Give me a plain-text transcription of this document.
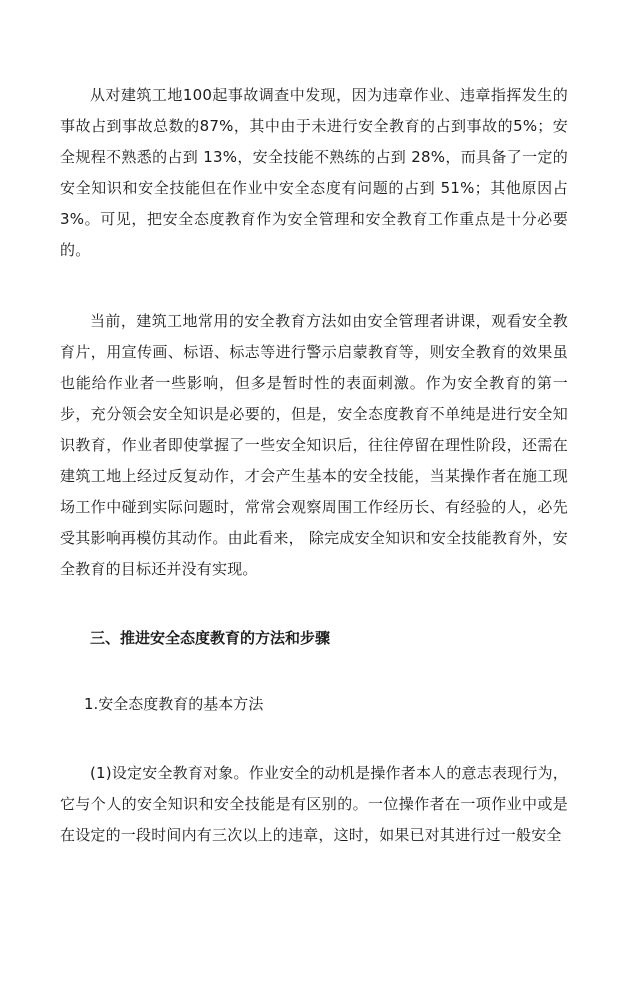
从对建筑工地100起事故调查中发现，因为违章作业、违章指挥发生的事故占到事故总数的87%，其中由于未进行安全教育的占到事故的5%；安全规程不熟悉的占到 13%，安全技能不熟练的占到 28%，而具备了一定的安全知识和安全技能但在作业中安全态度有问题的占到 51%；其他原因占3%。可见，把安全态度教育作为安全管理和安全教育工作重点是十分必要的。

当前，建筑工地常用的安全教育方法如由安全管理者讲课，观看安全教育片，用宣传画、标语、标志等进行警示启蒙教育等，则安全教育的效果虽也能给作业者一些影响，但多是暂时性的表面刺激。作为安全教育的第一步，充分领会安全知识是必要的，但是，安全态度教育不单纯是进行安全知识教育，作业者即使掌握了一些安全知识后，往往停留在理性阶段，还需在建筑工地上经过反复动作，才会产生基本的安全技能，当某操作者在施工现场工作中碰到实际问题时，常常会观察周围工作经历长、有经验的人，必先受其影响再模仿其动作。由此看来， 除完成安全知识和安全技能教育外，安全教育的目标还并没有实现。

三、推进安全态度教育的方法和步骤

1.安全态度教育的基本方法

(1)设定安全教育对象。作业安全的动机是操作者本人的意志表现行为，它与个人的安全知识和安全技能是有区别的。一位操作者在一项作业中或是在设定的一段时间内有三次以上的违章，这时，如果已对其进行过一般安全
